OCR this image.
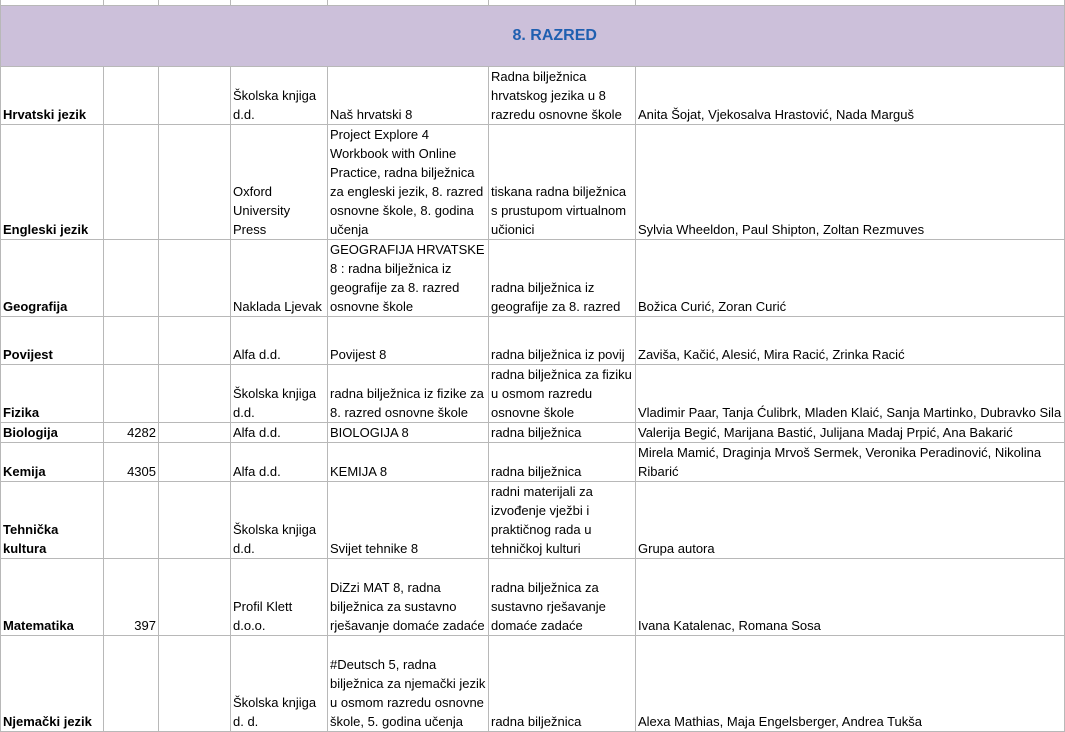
8. RAZRED						

Hrvatski jezik			Školska knjiga d.d.	Naš hrvatski 8	Radna bilježnica hrvatskog jezika u 8 razredu osnovne škole	Anita Šojat, Vjekosalva Hrastović, Nada Marguš
Engleski jezik			Oxford University Press	Project Explore 4 Workbook with Online Practice, radna bilježnica za engleski jezik, 8. razred osnovne škole, 8. godina učenja	tiskana radna bilježnica s prustupom virtualnom učionici	Sylvia Wheeldon, Paul Shipton, Zoltan Rezmuves
Geografija			Naklada Ljevak	GEOGRAFIJA HRVATSKE 8 : radna bilježnica iz geografije za 8. razred osnovne škole	radna bilježnica iz geografije za 8. razred	Božica Curić, Zoran Curić
Povijest			Alfa d.d.	Povijest 8	radna bilježnica iz povij	Zaviša, Kačić, Alesić, Mira Racić, Zrinka Racić
Fizika			Školska knjiga d.d.	radna bilježnica iz fizike za 8. razred osnovne škole	radna bilježnica za fiziku u osmom razredu osnovne škole	Vladimir Paar, Tanja Ćulibrk, Mladen Klaić, Sanja Martinko, Dubravko Sila
Biologija	4282		Alfa d.d.	BIOLOGIJA 8	radna bilježnica	Valerija Begić, Marijana Bastić, Julijana Madaj Prpić, Ana Bakarić
Kemija	4305		Alfa d.d.	KEMIJA 8	radna bilježnica	Mirela Mamić, Draginja Mrvoš Sermek, Veronika Peradinović, Nikolina Ribarić
Tehnička kultura			Školska knjiga d.d.	Svijet tehnike 8	radni materijali za izvođenje vježbi i praktičnog rada u tehničkoj kulturi	Grupa autora
Matematika	397		Profil Klett d.o.o.	DiZzi MAT 8, radna bilježnica za sustavno rješavanje domaće zadaće	radna bilježnica za sustavno rješavanje domaće zadaće	Ivana Katalenac, Romana Sosa
Njemački jezik			Školska knjiga d. d.	#Deutsch 5, radna bilježnica za njemački jezik u osmom razredu osnovne škole, 5. godina učenja	radna bilježnica	Alexa Mathias, Maja Engelsberger, Andrea Tukša
